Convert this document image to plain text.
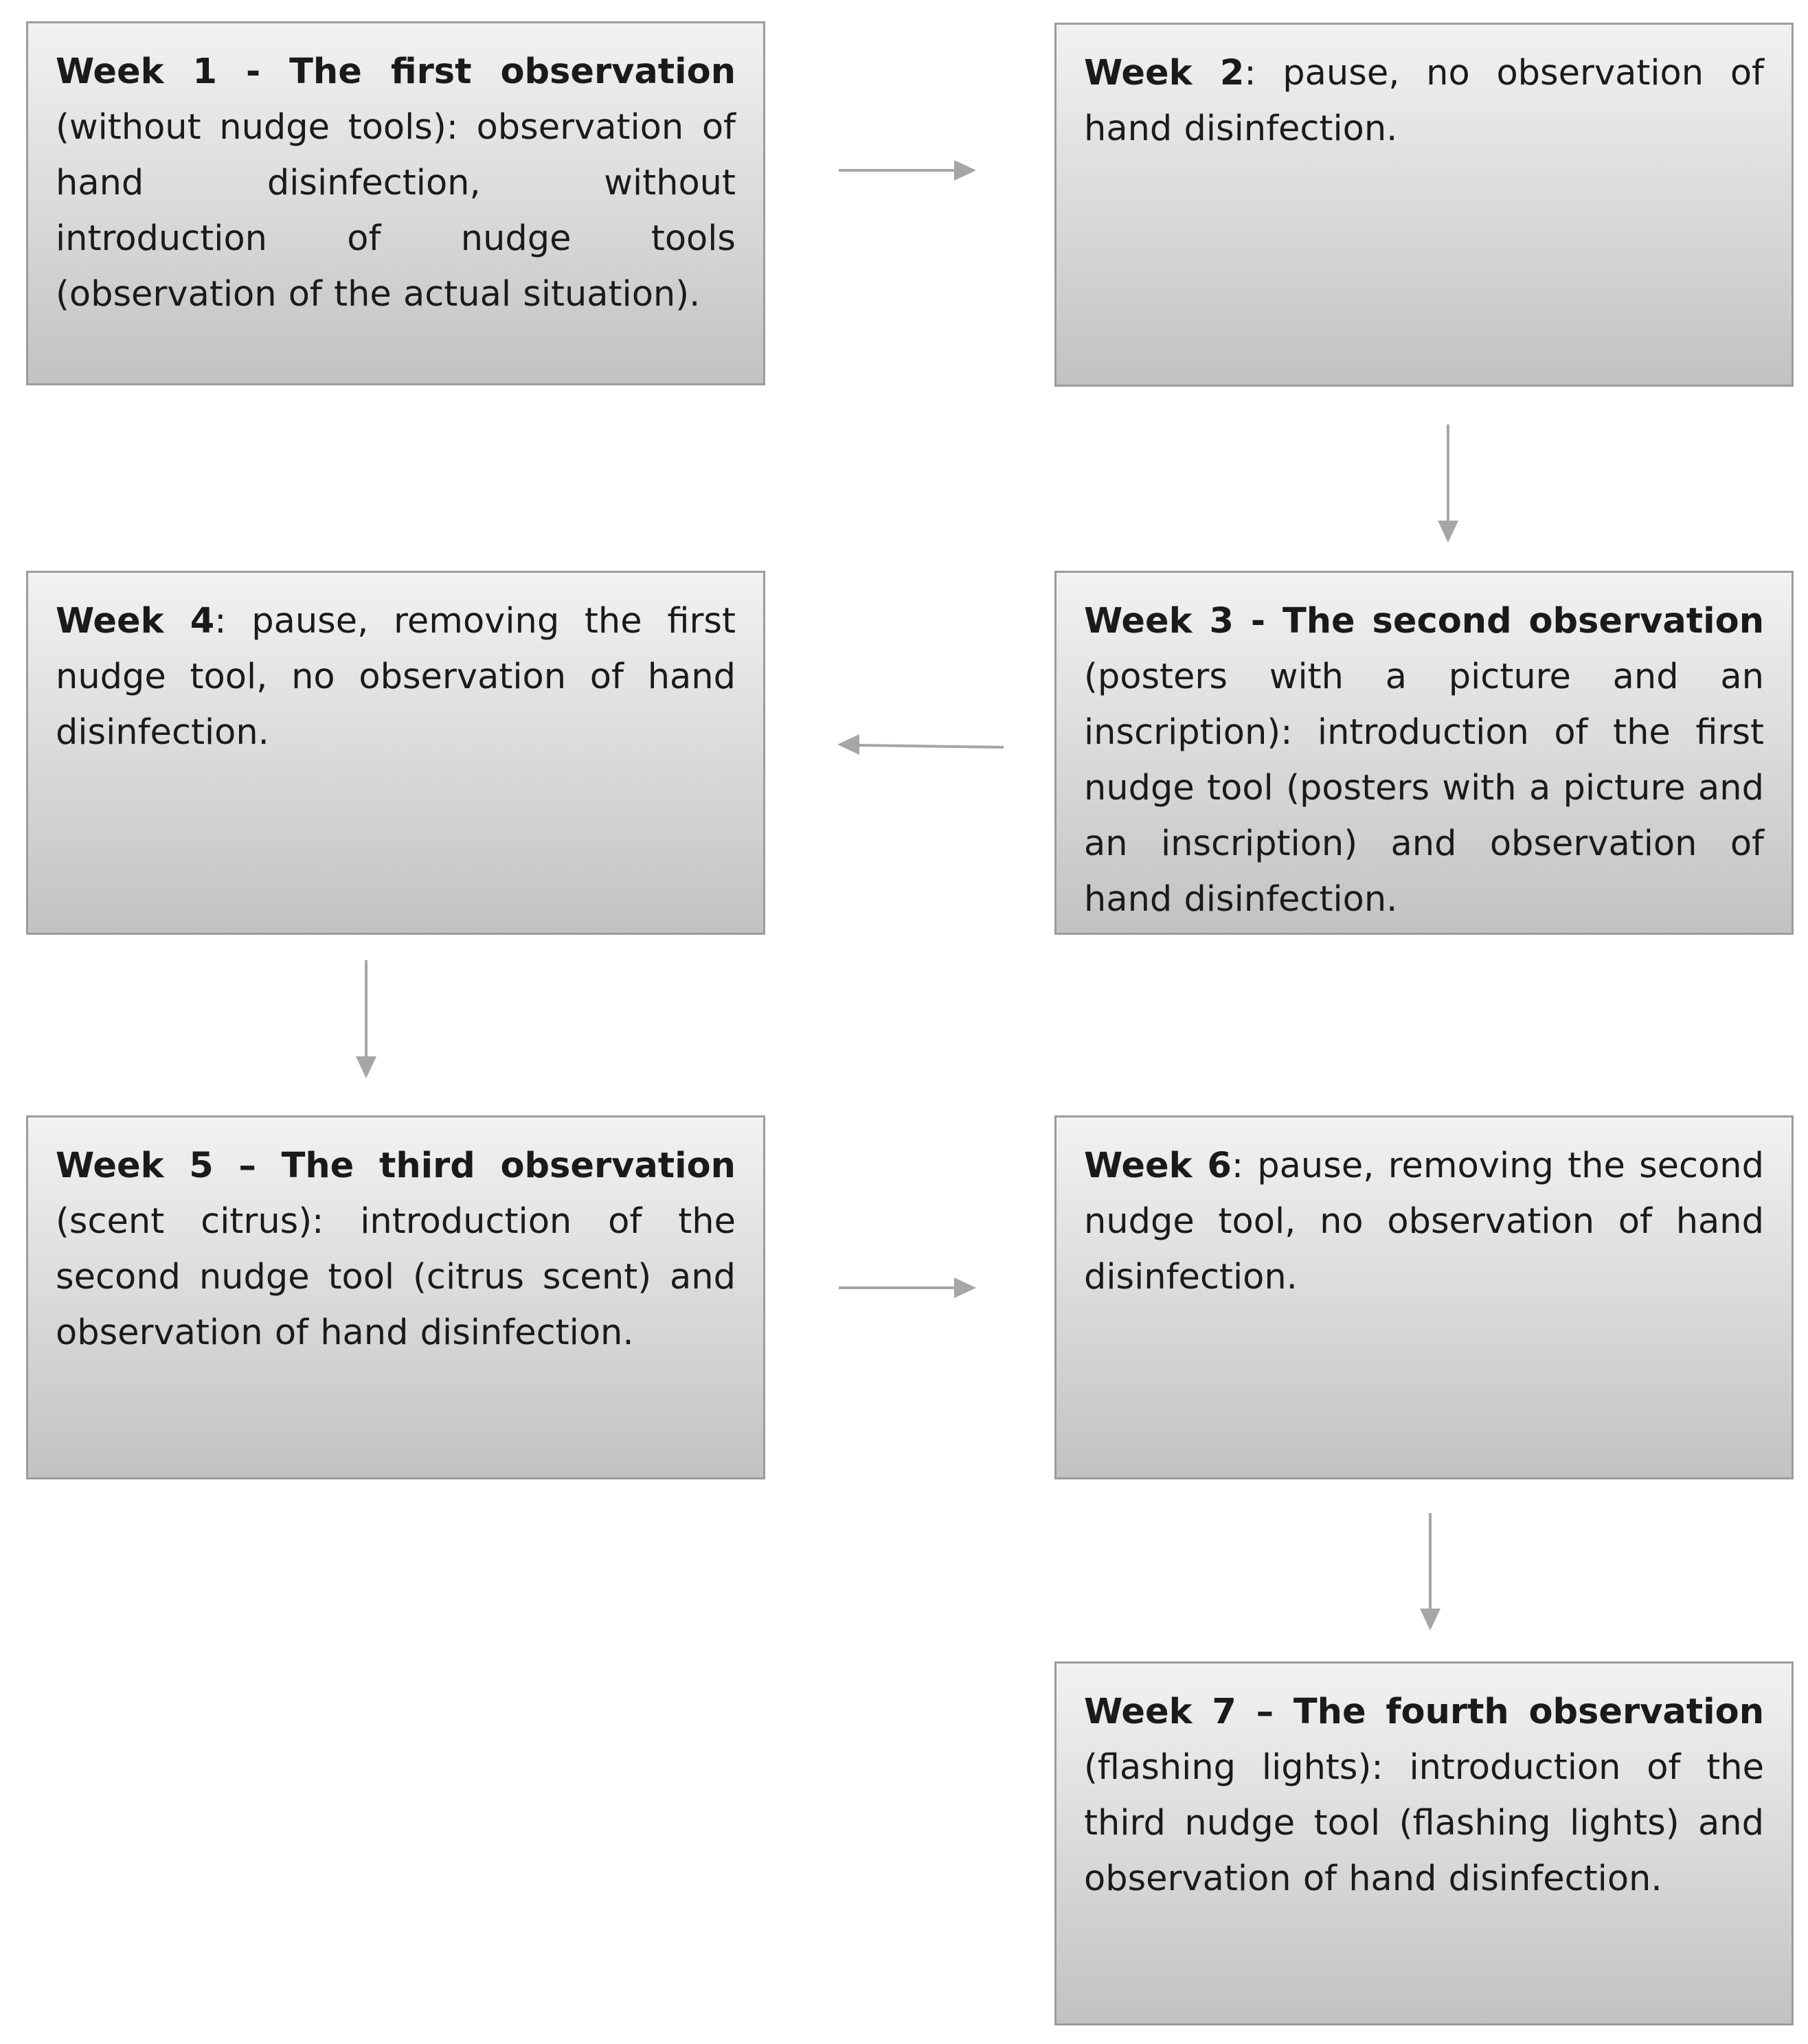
Week 1 - The first observation (without nudge tools): observation of hand disinfection, without introduction of nudge tools (observation of the actual situation).
Week 2: pause, no observation of hand disinfection.
Week 3 - The second observation (posters with a picture and an inscription): introduction of the first nudge tool (posters with a picture and an inscription) and observation of hand disinfection.
Week 4: pause, removing the first nudge tool, no observation of hand disinfection.
Week 5 – The third observation (scent citrus): introduction of the second nudge tool (citrus scent) and observation of hand disinfection.
Week 6: pause, removing the second nudge tool, no observation of hand disinfection.
Week 7 – The fourth observation (flashing lights): introduction of the third nudge tool (flashing lights) and observation of hand disinfection.
